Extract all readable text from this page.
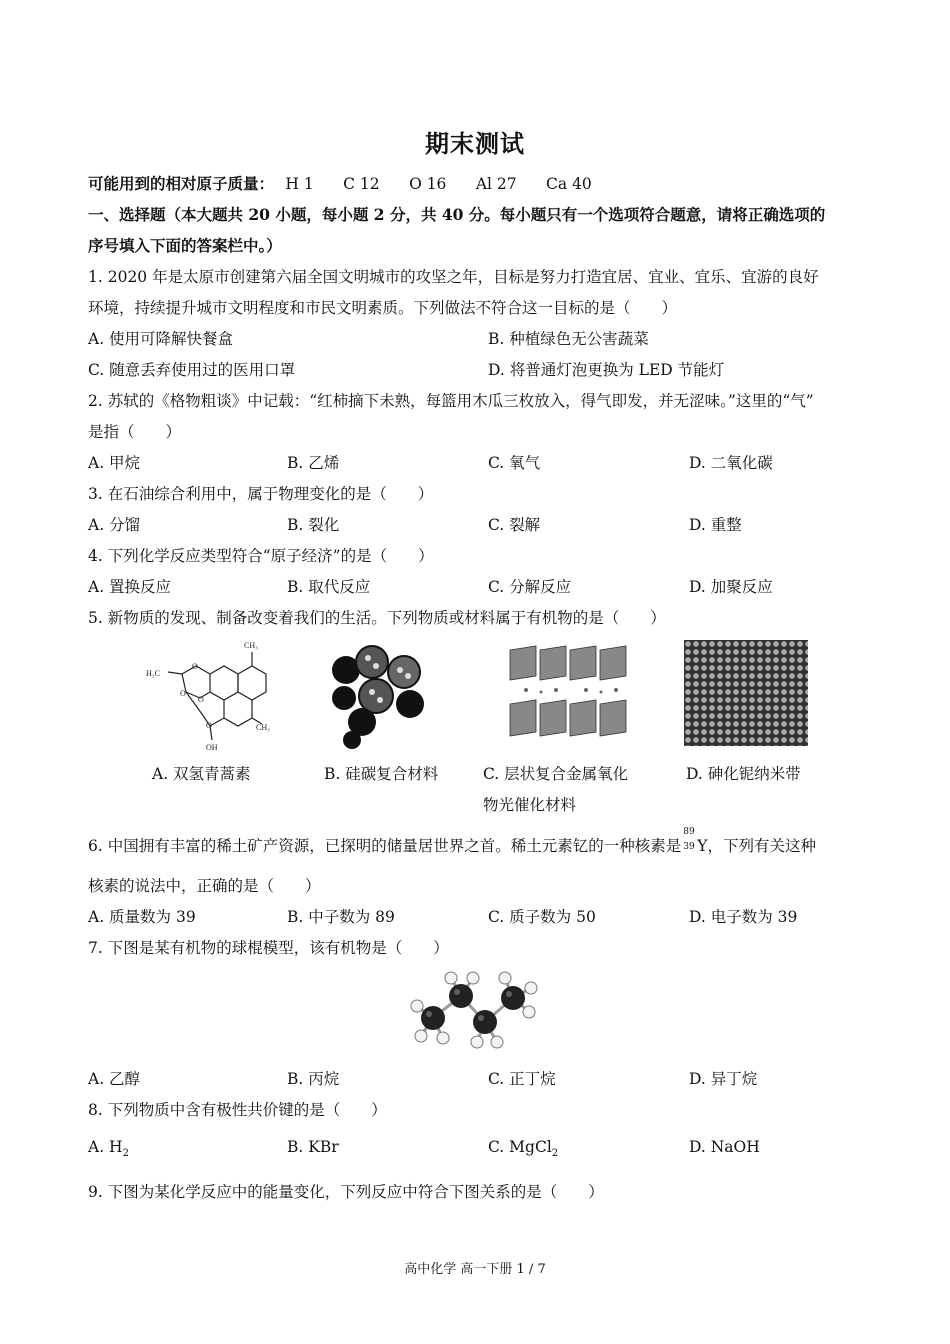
期末测试
可能用到的相对原子质量： H 1 C 12 O 16 Al 27 Ca 40
一、选择题（本大题共 20 小题，每小题 2 分，共 40 分。每小题只有一个选项符合题意，请将正确选项的
序号填入下面的答案栏中。）
1. 2020 年是太原市创建第六届全国文明城市的攻坚之年，目标是努力打造宜居、宜业、宜乐、宜游的良好
环境，持续提升城市文明程度和市民文明素质。下列做法不符合这一目标的是（　　）
A. 使用可降解快餐盒	B. 种植绿色无公害蔬菜
C. 随意丢弃使用过的医用口罩	D. 将普通灯泡更换为 LED 节能灯
2. 苏轼的《格物粗谈》中记载：“红柿摘下未熟，每篮用木瓜三枚放入，得气即发，并无涩味。”这里的“气”
是指（　　）
A. 甲烷	B. 乙烯	C. 氧气	D. 二氧化碳
3. 在石油综合利用中，属于物理变化的是（　　）
A. 分馏	B. 裂化	C. 裂解	D. 重整
4. 下列化学反应类型符合“原子经济”的是（　　）
A. 置换反应	B. 取代反应	C. 分解反应	D. 加聚反应
5. 新物质的发现、制备改变着我们的生活。下列物质或材料属于有机物的是（　　）
CH₃
H₃C
CH₃
OH
O
O
O
O
A. 双氢青蒿素	B. 硅碳复合材料	C. 层状复合金属氧化
物光催化材料
D. 砷化铌纳米带
6. 中国拥有丰富的稀土矿产资源，已探明的储量居世界之首。稀土元素钇的一种核素是
89
39 Y，下列有关这种
核素的说法中，正确的是（　　）
A. 质量数为 39	B. 中子数为 89	C. 质子数为 50	D. 电子数为 39
7. 下图是某有机物的球棍模型，该有机物是（　　）
A. 乙醇	B. 丙烷	C. 正丁烷	D. 异丁烷
8. 下列物质中含有极性共价键的是（　　）
A. $H_2$	B. KBr	C. MgCl$_2$	D. NaOH
9. 下图为某化学反应中的能量变化，下列反应中符合下图关系的是（　　）
高中化学 高一下册 1 / 7
